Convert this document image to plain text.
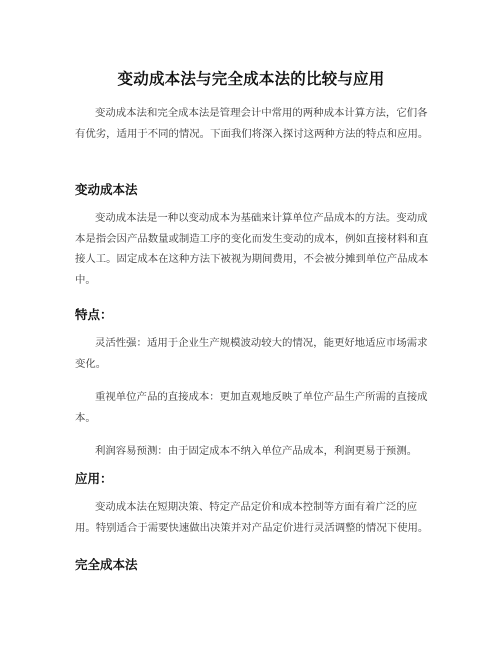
变动成本法与完全成本法的比较与应用

变动成本法和完全成本法是管理会计中常用的两种成本计算方法，它们各有优劣，适用于不同的情况。下面我们将深入探讨这两种方法的特点和应用。

变动成本法

变动成本法是一种以变动成本为基础来计算单位产品成本的方法。变动成本是指会因产品数量或制造工序的变化而发生变动的成本，例如直接材料和直接人工。固定成本在这种方法下被视为期间费用，不会被分摊到单位产品成本中。

特点：

灵活性强：适用于企业生产规模波动较大的情况，能更好地适应市场需求变化。

重视单位产品的直接成本：更加直观地反映了单位产品生产所需的直接成本。

利润容易预测：由于固定成本不纳入单位产品成本，利润更易于预测。

应用：

变动成本法在短期决策、特定产品定价和成本控制等方面有着广泛的应用。特别适合于需要快速做出决策并对产品定价进行灵活调整的情况下使用。

完全成本法
